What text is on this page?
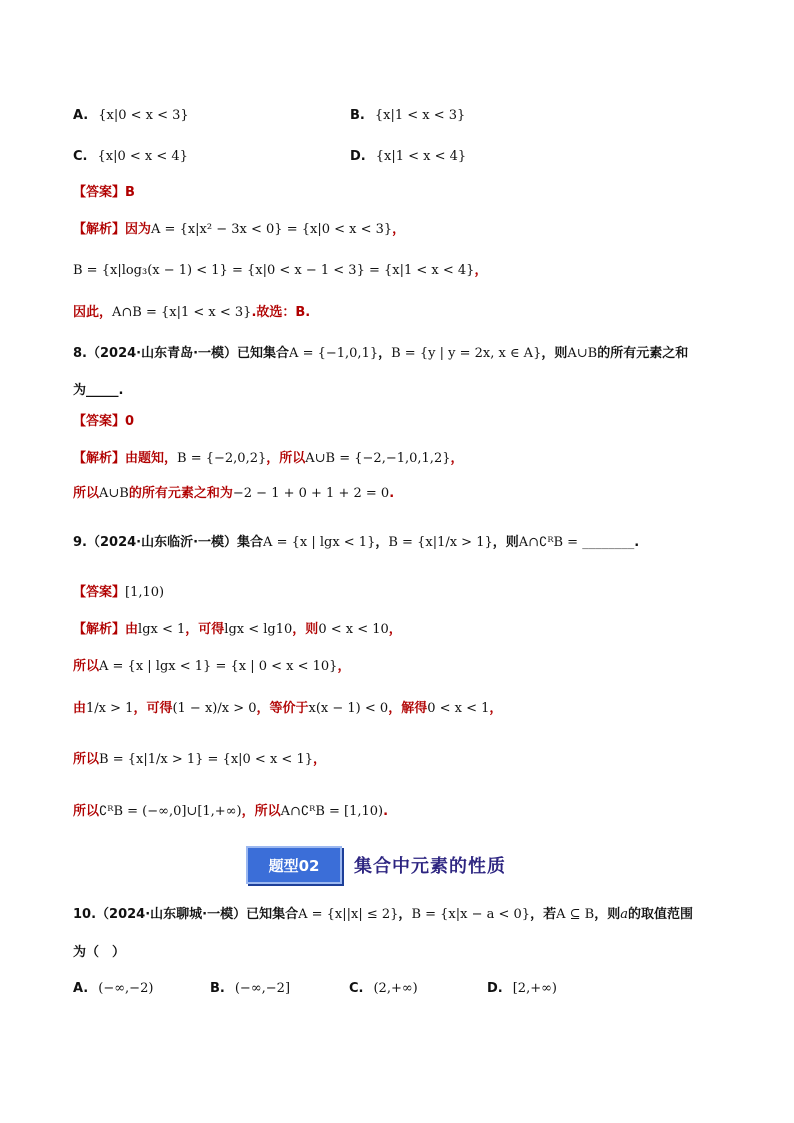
A. {x|0 < x < 3}	B. {x|1 < x < 3}
C. {x|0 < x < 4}	D. {x|1 < x < 4}
【答案】B
【解析】因为A = {x|x² − 3x < 0} = {x|0 < x < 3}，
B = {x|log₃(x − 1) < 1} = {x|0 < x − 1 < 3} = {x|1 < x < 4}，
因此，A∩B = {x|1 < x < 3}.故选：B.
8.（2024·山东青岛·一模）已知集合A = {−1,0,1}，B = {y | y = 2x, x ∈ A}，则A∪B的所有元素之和
为_____.
【答案】0
【解析】由题知，B = {−2,0,2}，所以A∪B = {−2,−1,0,1,2}，
所以A∪B的所有元素之和为−2 − 1 + 0 + 1 + 2 = 0.
9.（2024·山东临沂·一模）集合A = {x | lgx < 1}，B = {x|1/x > 1}，则A∩∁ᴿB = ________.
【答案】[1,10)
【解析】由lgx < 1，可得lgx < lg10，则0 < x < 10，
所以A = {x | lgx < 1} = {x | 0 < x < 10}，
由1/x > 1，可得(1 − x)/x > 0，等价于x(x − 1) < 0，解得0 < x < 1，
所以B = {x|1/x > 1} = {x|0 < x < 1}，
所以∁ᴿB = (−∞,0]∪[1,+∞)，所以A∩∁ᴿB = [1,10).
题型02	集合中元素的性质
10.（2024·山东聊城·一模）已知集合A = {x||x| ≤ 2}，B = {x|x − a < 0}，若A ⊆ B，则a的取值范围
为（　）
A. (−∞,−2)	B. (−∞,−2]	C. (2,+∞)	D. [2,+∞)
